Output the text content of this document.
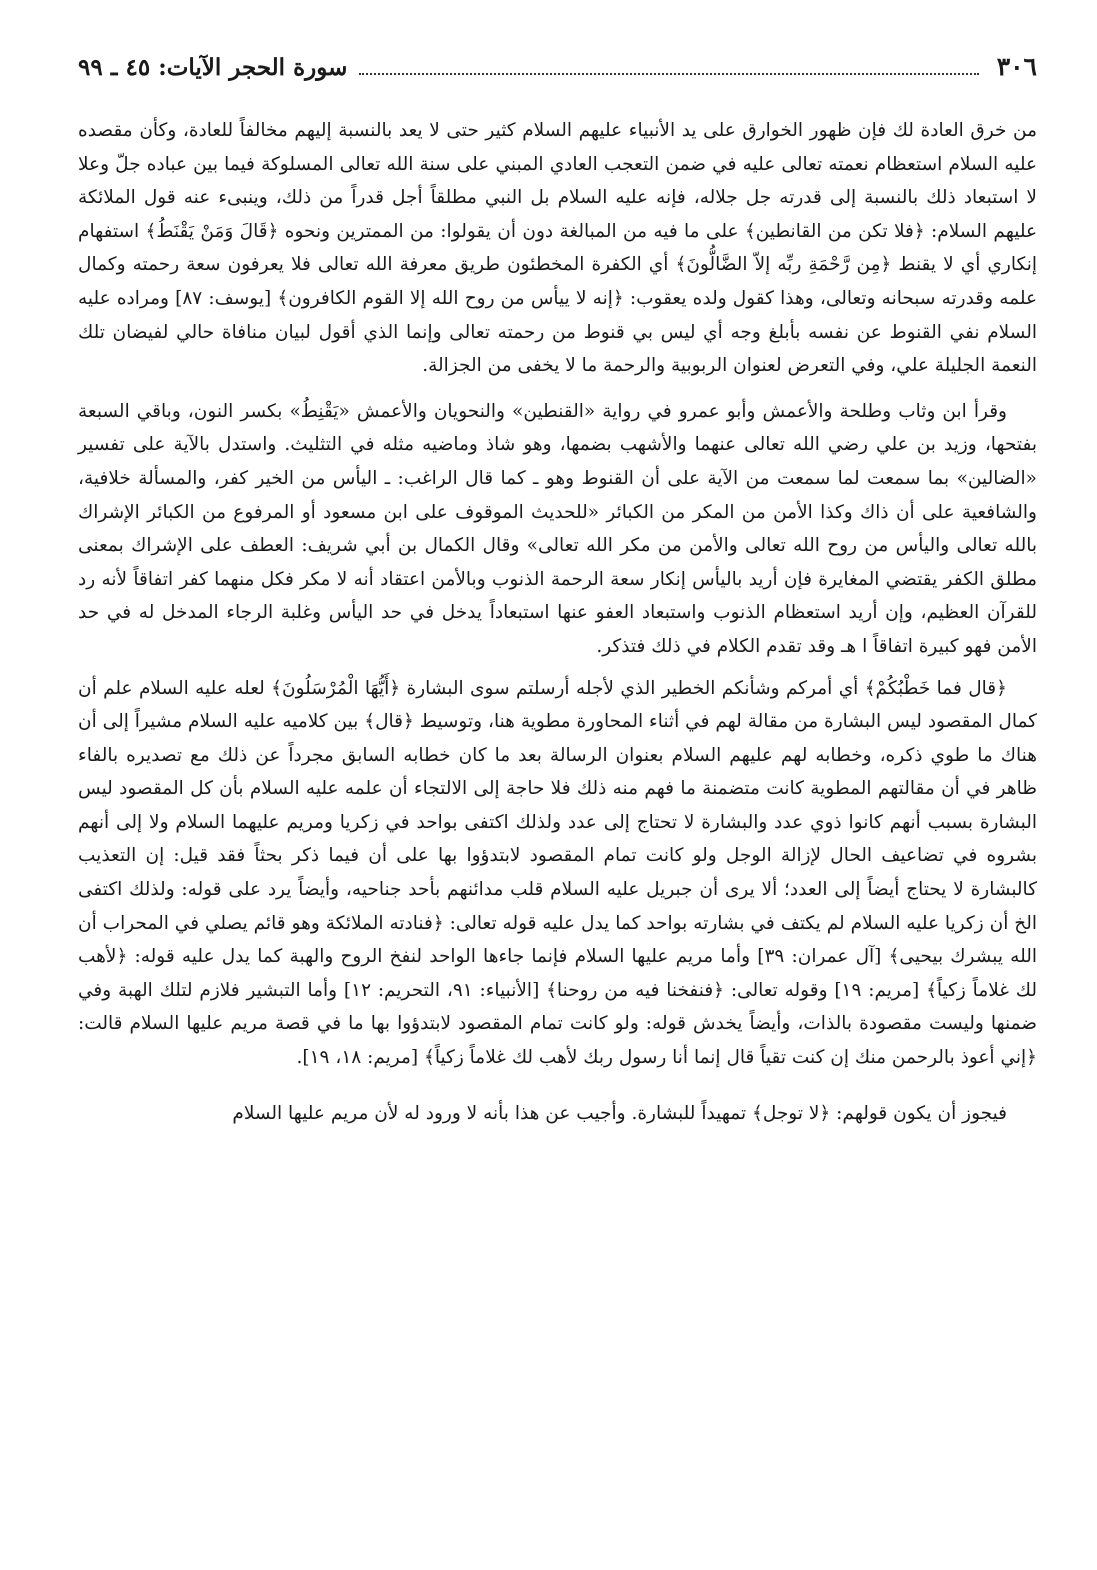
٣٠٦
سورة الحجر الآيات: ٤٥ ـ ٩٩

من خرق العادة لك فإن ظهور الخوارق على يد الأنبياء عليهم السلام كثير حتى لا يعد بالنسبة إليهم مخالفاً للعادة، وكأن مقصده عليه السلام استعظام نعمته تعالى عليه في ضمن التعجب العادي المبني على سنة الله تعالى المسلوكة فيما بين عباده جلّ وعلا لا استبعاد ذلك بالنسبة إلى قدرته جل جلاله، فإنه عليه السلام بل النبي مطلقاً أجل قدراً من ذلك، وينبىء عنه قول الملائكة عليهم السلام: ﴿فلا تكن من القانطين﴾ على ما فيه من المبالغة دون أن يقولوا: من الممترين ونحوه ﴿قَالَ وَمَنْ يَقْنَطُ﴾ استفهام إنكاري أي لا يقنط ﴿مِن رَّحْمَةِ ربِّه إلاّ الضَّالُّونَ﴾ أي الكفرة المخطئون طريق معرفة الله تعالى فلا يعرفون سعة رحمته وكمال علمه وقدرته سبحانه وتعالى، وهذا كقول ولده يعقوب: ﴿إنه لا ييأس من روح الله إلا القوم الكافرون﴾ [يوسف: ٨٧] ومراده عليه السلام نفي القنوط عن نفسه بأبلغ وجه أي ليس بي قنوط من رحمته تعالى وإنما الذي أقول لبيان منافاة حالي لفيضان تلك النعمة الجليلة علي، وفي التعرض لعنوان الربوبية والرحمة ما لا يخفى من الجزالة.

وقرأ ابن وثاب وطلحة والأعمش وأبو عمرو في رواية «القنطين» والنحويان والأعمش «يَقْنِطُ» بكسر النون، وباقي السبعة بفتحها، وزيد بن علي رضي الله تعالى عنهما والأشهب بضمها، وهو شاذ وماضيه مثله في التثليث. واستدل بالآية على تفسير «الضالين» بما سمعت لما سمعت من الآية على أن القنوط وهو ـ كما قال الراغب: ـ اليأس من الخير كفر، والمسألة خلافية، والشافعية على أن ذاك وكذا الأمن من المكر من الكبائر «للحديث الموقوف على ابن مسعود أو المرفوع من الكبائر الإشراك بالله تعالى واليأس من روح الله تعالى والأمن من مكر الله تعالى» وقال الكمال بن أبي شريف: العطف على الإشراك بمعنى مطلق الكفر يقتضي المغايرة فإن أريد باليأس إنكار سعة الرحمة الذنوب وبالأمن اعتقاد أنه لا مكر فكل منهما كفر اتفاقاً لأنه رد للقرآن العظيم، وإن أريد استعظام الذنوب واستبعاد العفو عنها استبعاداً يدخل في حد اليأس وغلبة الرجاء المدخل له في حد الأمن فهو كبيرة اتفاقاً ا هـ وقد تقدم الكلام في ذلك فتذكر.

﴿قال فما خَطْبُكُمْ﴾ أي أمركم وشأنكم الخطير الذي لأجله أرسلتم سوى البشارة ﴿أَيُّهَا الْمُرْسَلُونَ﴾ لعله عليه السلام علم أن كمال المقصود ليس البشارة من مقالة لهم في أثناء المحاورة مطوية هنا، وتوسيط ﴿قال﴾ بين كلاميه عليه السلام مشيراً إلى أن هناك ما طوي ذكره، وخطابه لهم عليهم السلام بعنوان الرسالة بعد ما كان خطابه السابق مجرداً عن ذلك مع تصديره بالفاء ظاهر في أن مقالتهم المطوية كانت متضمنة ما فهم منه ذلك فلا حاجة إلى الالتجاء أن علمه عليه السلام بأن كل المقصود ليس البشارة بسبب أنهم كانوا ذوي عدد والبشارة لا تحتاج إلى عدد ولذلك اكتفى بواحد في زكريا ومريم عليهما السلام ولا إلى أنهم بشروه في تضاعيف الحال لإزالة الوجل ولو كانت تمام المقصود لابتدؤوا بها على أن فيما ذكر بحثاً فقد قيل: إن التعذيب كالبشارة لا يحتاج أيضاً إلى العدد؛ ألا يرى أن جبريل عليه السلام قلب مدائنهم بأحد جناحيه، وأيضاً يرد على قوله: ولذلك اكتفى الخ أن زكريا عليه السلام لم يكتف في بشارته بواحد كما يدل عليه قوله تعالى: ﴿فنادته الملائكة وهو قائم يصلي في المحراب أن الله يبشرك بيحيى﴾ [آل عمران: ٣٩] وأما مريم عليها السلام فإنما جاءها الواحد لنفخ الروح والهبة كما يدل عليه قوله: ﴿لأهب لك غلاماً زكياً﴾ [مريم: ١٩] وقوله تعالى: ﴿فنفخنا فيه من روحنا﴾ [الأنبياء: ٩١، التحريم: ١٢] وأما التبشير فلازم لتلك الهبة وفي ضمنها وليست مقصودة بالذات، وأيضاً يخدش قوله: ولو كانت تمام المقصود لابتدؤوا بها ما في قصة مريم عليها السلام قالت: ﴿إني أعوذ بالرحمن منك إن كنت تقياً قال إنما أنا رسول ربك لأهب لك غلاماً زكياً﴾ [مريم: ١٨، ١٩].

فيجوز أن يكون قولهم: ﴿لا توجل﴾ تمهيداً للبشارة. وأجيب عن هذا بأنه لا ورود له لأن مريم عليها السلام
